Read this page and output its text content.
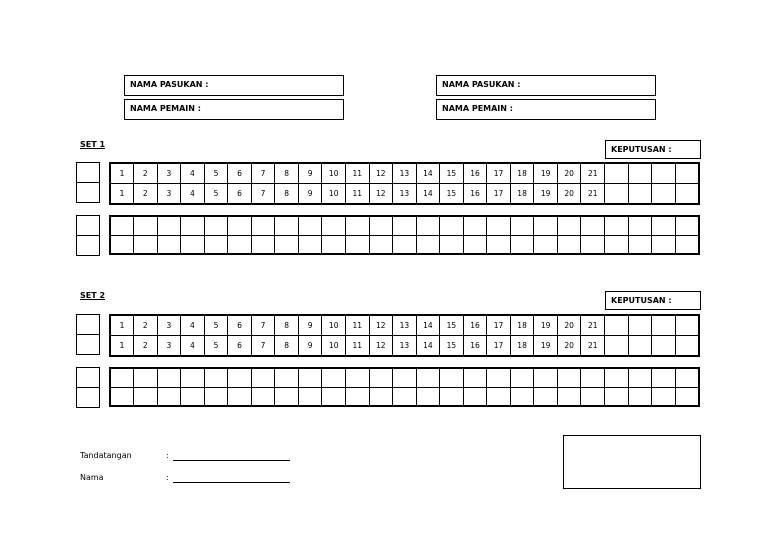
NAMA PASUKAN :
NAMA PEMAIN :
NAMA PASUKAN :
NAMA PEMAIN :
SET 1
KEPUTUSAN :
1	2	3	4	5	6	7	8	9	10	11	12	13	14	15	16	17	18	19	20	21				
1	2	3	4	5	6	7	8	9	10	11	12	13	14	15	16	17	18	19	20	21				

SET 2
KEPUTUSAN :
1	2	3	4	5	6	7	8	9	10	11	12	13	14	15	16	17	18	19	20	21				
1	2	3	4	5	6	7	8	9	10	11	12	13	14	15	16	17	18	19	20	21				

Tandatangan	:
Nama	:
